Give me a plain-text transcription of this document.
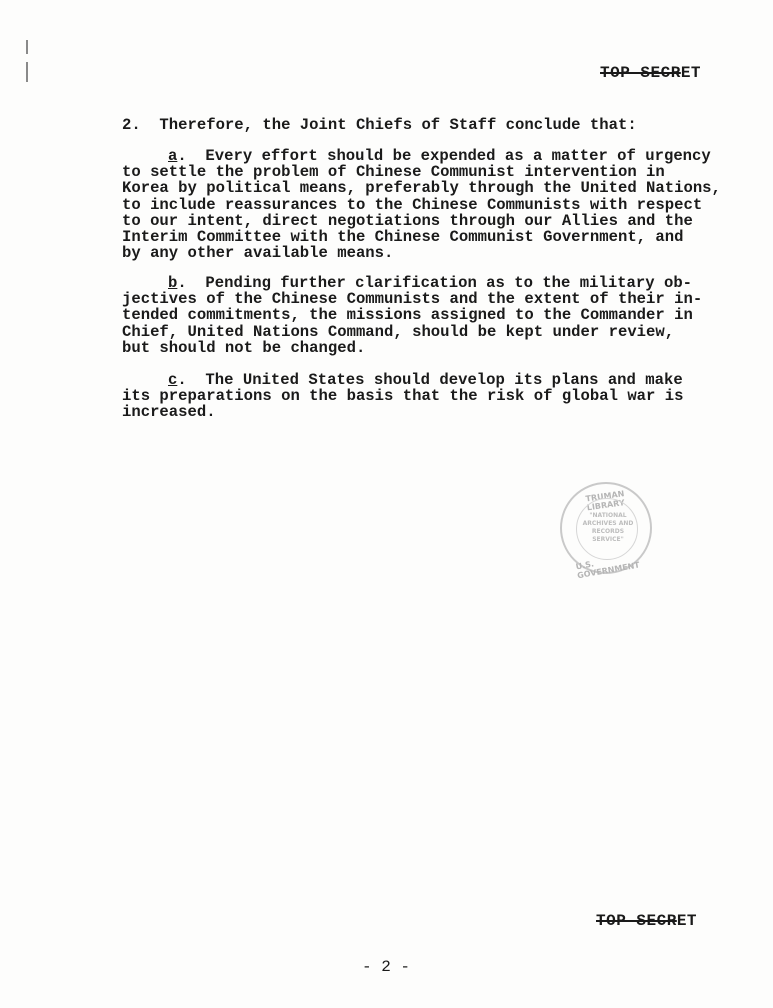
TOP SECRET
2.  Therefore, the Joint Chiefs of Staff conclude that:
a.  Every effort should be expended as a matter of urgency
to settle the problem of Chinese Communist intervention in
Korea by political means, preferably through the United Nations,
to include reassurances to the Chinese Communists with respect
to our intent, direct negotiations through our Allies and the
Interim Committee with the Chinese Communist Government, and
by any other available means.
b.  Pending further clarification as to the military ob-
jectives of the Chinese Communists and the extent of their in-
tended commitments, the missions assigned to the Commander in
Chief, United Nations Command, should be kept under review,
but should not be changed.
c.  The United States should develop its plans and make
its preparations on the basis that the risk of global war is
increased.
TRUMAN LIBRARY
"NATIONAL
ARCHIVES AND
RECORDS
SERVICE"
U.S. GOVERNMENT
TOP SECRET
- 2 -
